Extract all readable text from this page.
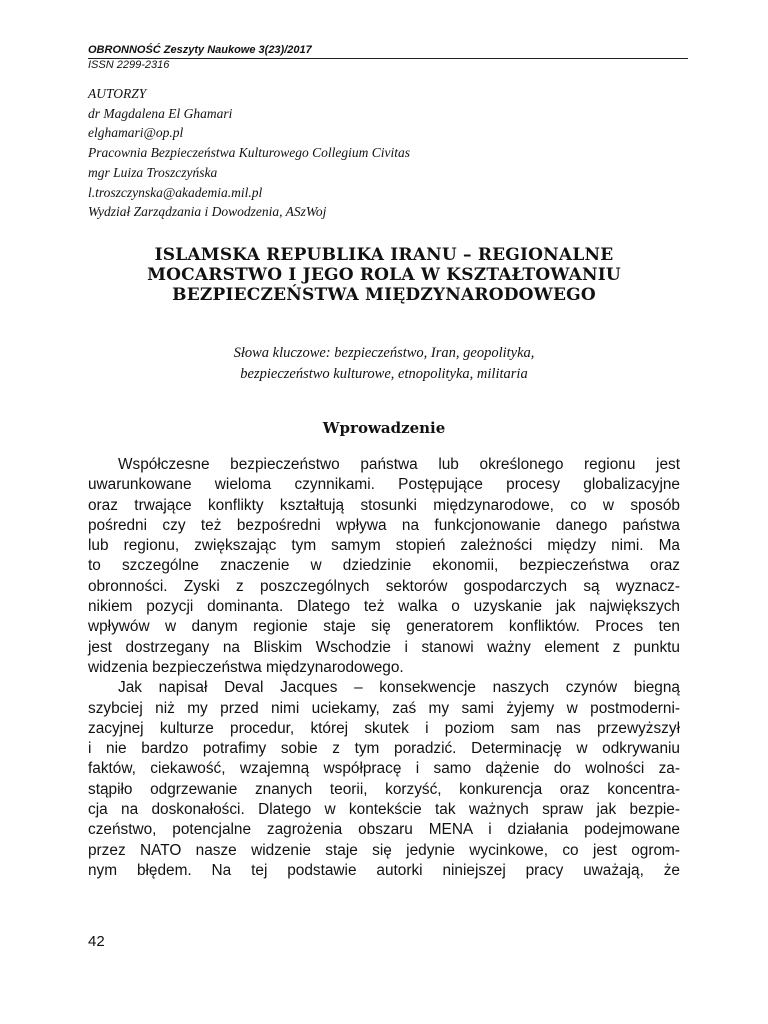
OBRONNOŚĆ Zeszyty Naukowe 3(23)/2017
ISSN 2299-2316
AUTORZY
dr Magdalena El Ghamari
elghamari@op.pl
Pracownia Bezpieczeństwa Kulturowego Collegium Civitas
mgr Luiza Troszczyńska
l.troszczynska@akademia.mil.pl
Wydział Zarządzania i Dowodzenia, ASzWoj
ISLAMSKA REPUBLIKA IRANU – REGIONALNE
MOCARSTWO I JEGO ROLA W KSZTAŁTOWANIU
BEZPIECZEŃSTWA MIĘDZYNARODOWEGO
Słowa kluczowe: bezpieczeństwo, Iran, geopolityka,
bezpieczeństwo kulturowe, etnopolityka, militaria
Wprowadzenie
Współczesne bezpieczeństwo państwa lub określonego regionu jest
uwarunkowane wieloma czynnikami. Postępujące procesy globalizacyjne
oraz trwające konflikty kształtują stosunki międzynarodowe, co w sposób
pośredni czy też bezpośredni wpływa na funkcjonowanie danego państwa
lub regionu, zwiększając tym samym stopień zależności między nimi. Ma
to szczególne znaczenie w dziedzinie ekonomii, bezpieczeństwa oraz
obronności. Zyski z poszczególnych sektorów gospodarczych są wyznacz-
nikiem pozycji dominanta. Dlatego też walka o uzyskanie jak największych
wpływów w danym regionie staje się generatorem konfliktów. Proces ten
jest dostrzegany na Bliskim Wschodzie i stanowi ważny element z punktu
widzenia bezpieczeństwa międzynarodowego.
Jak napisał Deval Jacques – konsekwencje naszych czynów biegną
szybciej niż my przed nimi uciekamy, zaś my sami żyjemy w postmoderni-
zacyjnej kulturze procedur, której skutek i poziom sam nas przewyższył
i nie bardzo potrafimy sobie z tym poradzić. Determinację w odkrywaniu
faktów, ciekawość, wzajemną współpracę i samo dążenie do wolności za-
stąpiło odgrzewanie znanych teorii, korzyść, konkurencja oraz koncentra-
cja na doskonałości. Dlatego w kontekście tak ważnych spraw jak bezpie-
czeństwo, potencjalne zagrożenia obszaru MENA i działania podejmowane
przez NATO nasze widzenie staje się jedynie wycinkowe, co jest ogrom-
nym błędem. Na tej podstawie autorki niniejszej pracy uważają, że
42
